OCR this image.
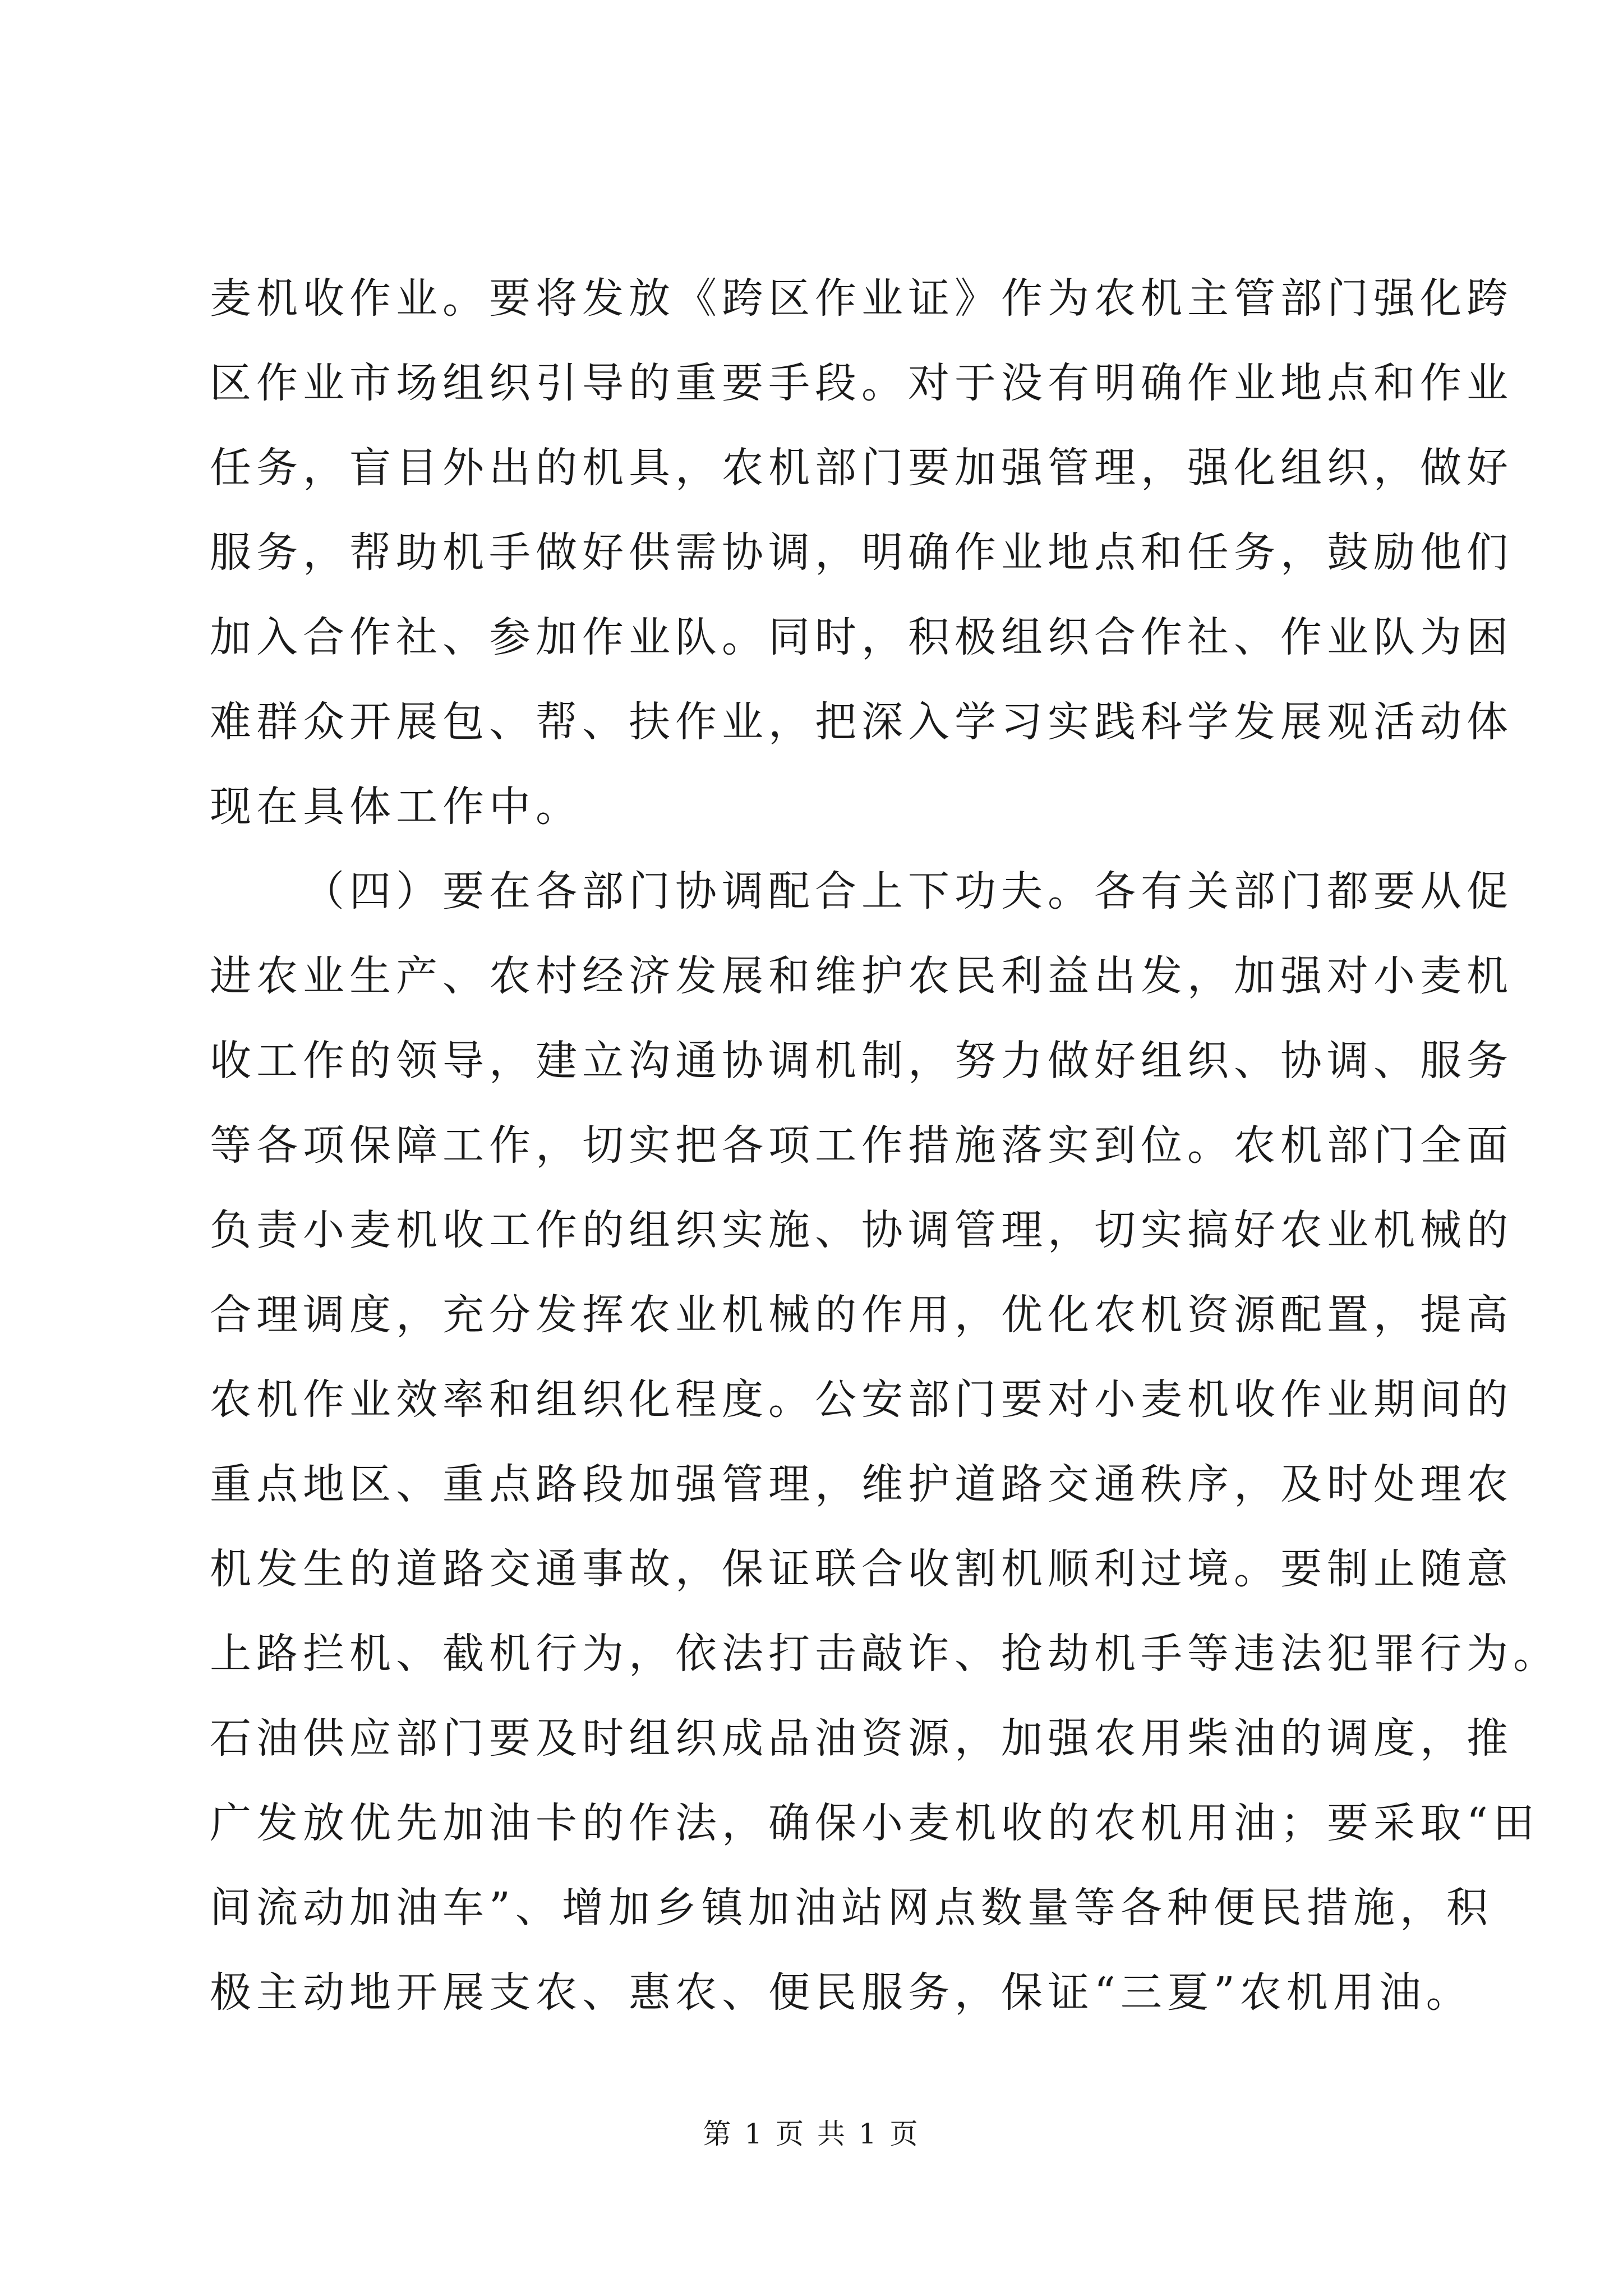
麦机收作业。要将发放《跨区作业证》作为农机主管部门强化跨
区作业市场组织引导的重要手段。对于没有明确作业地点和作业
任务，盲目外出的机具，农机部门要加强管理，强化组织，做好
服务，帮助机手做好供需协调，明确作业地点和任务，鼓励他们
加入合作社、参加作业队。同时，积极组织合作社、作业队为困
难群众开展包、帮、扶作业，把深入学习实践科学发展观活动体
现在具体工作中。
（四）要在各部门协调配合上下功夫。各有关部门都要从促
进农业生产、农村经济发展和维护农民利益出发，加强对小麦机
收工作的领导，建立沟通协调机制，努力做好组织、协调、服务
等各项保障工作，切实把各项工作措施落实到位。农机部门全面
负责小麦机收工作的组织实施、协调管理，切实搞好农业机械的
合理调度，充分发挥农业机械的作用，优化农机资源配置，提高
农机作业效率和组织化程度。公安部门要对小麦机收作业期间的
重点地区、重点路段加强管理，维护道路交通秩序，及时处理农
机发生的道路交通事故，保证联合收割机顺利过境。要制止随意
上路拦机、截机行为，依法打击敲诈、抢劫机手等违法犯罪行为。
石油供应部门要及时组织成品油资源，加强农用柴油的调度，推
广发放优先加油卡的作法，确保小麦机收的农机用油；要采取“田
间流动加油车”、增加乡镇加油站网点数量等各种便民措施，积
极主动地开展支农、惠农、便民服务，保证“三夏”农机用油。
第 1 页 共 1 页
